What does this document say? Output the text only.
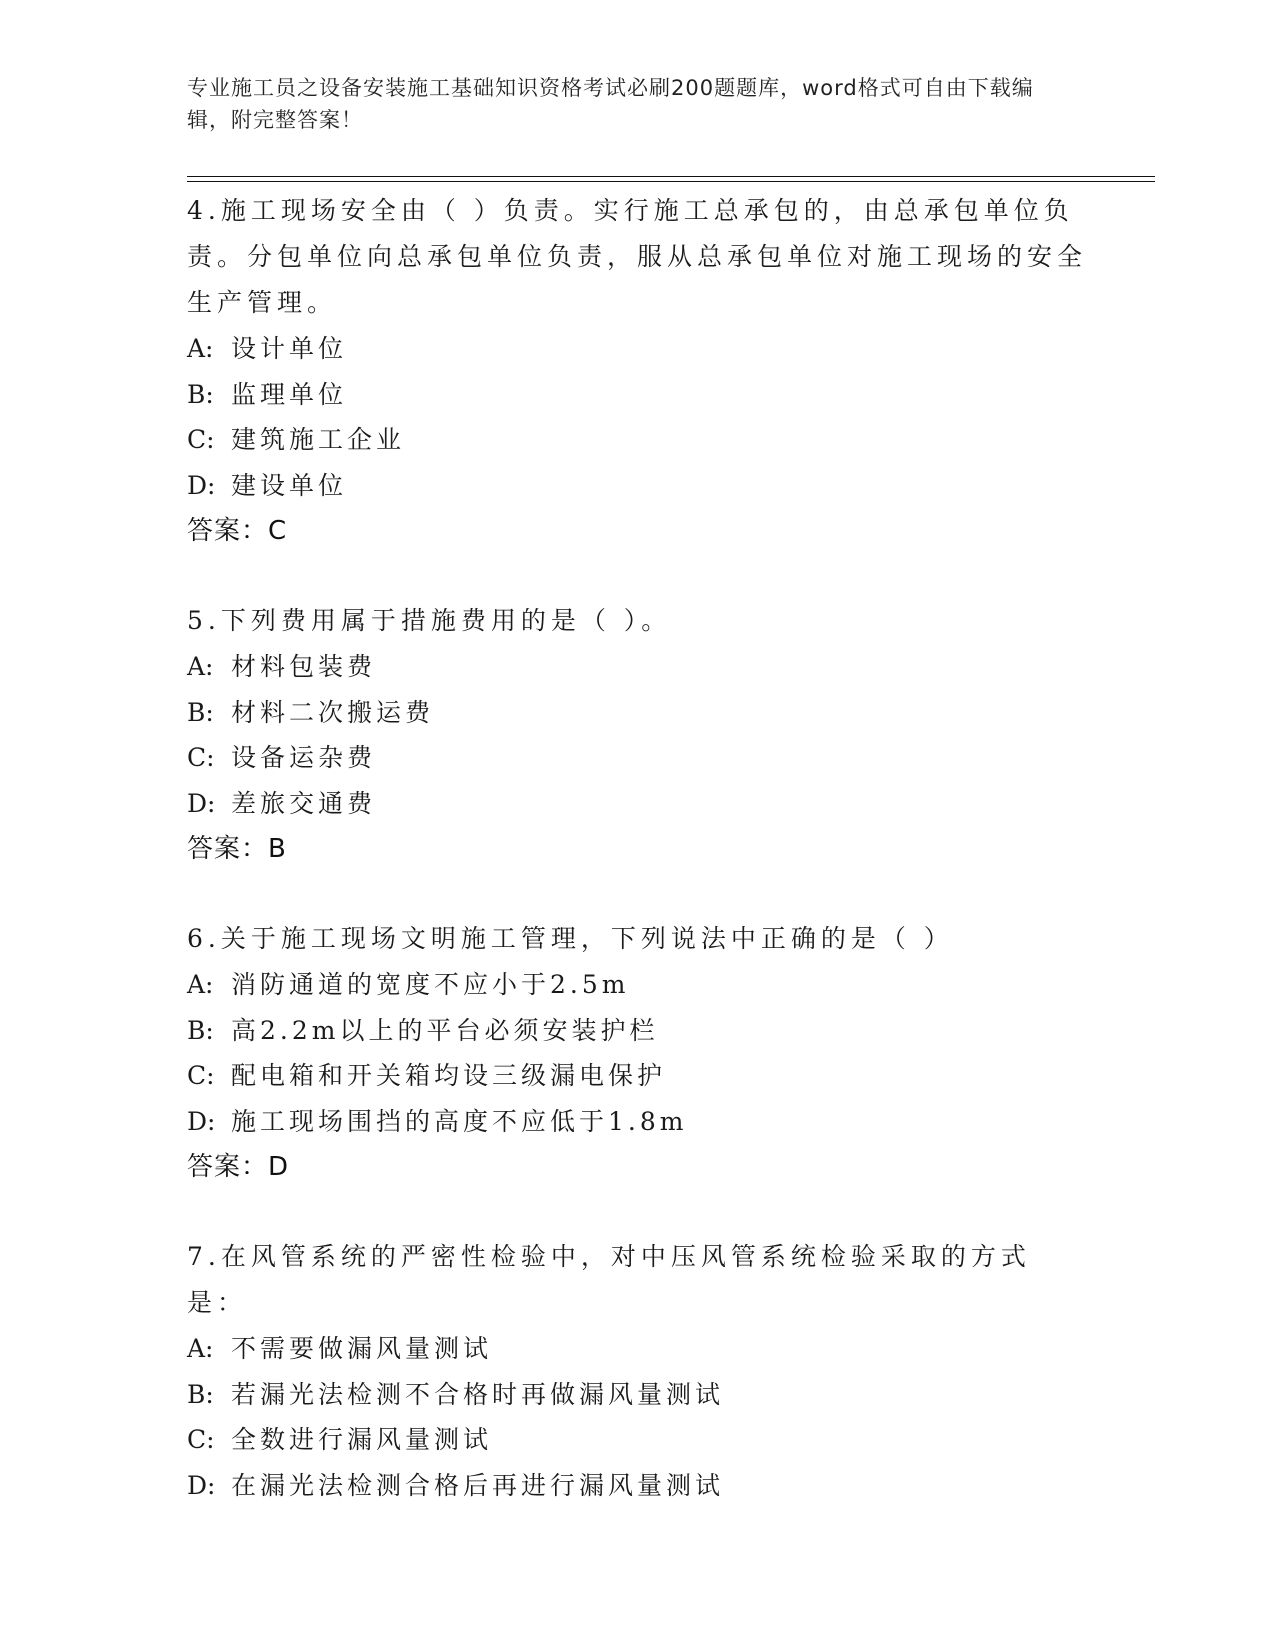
专业施工员之设备安装施工基础知识资格考试必刷200题题库，word格式可自由下载编辑，附完整答案！
4.施工现场安全由（ ）负责。实行施工总承包的，由总承包单位负责。分包单位向总承包单位负责，服从总承包单位对施工现场的安全生产管理。
A: 设计单位
B: 监理单位
C: 建筑施工企业
D: 建设单位
答案：C
5.下列费用属于措施费用的是（ ）。
A: 材料包装费
B: 材料二次搬运费
C: 设备运杂费
D: 差旅交通费
答案：B
6.关于施工现场文明施工管理，下列说法中正确的是（ ）
A: 消防通道的宽度不应小于2.5m
B: 高2.2m以上的平台必须安装护栏
C: 配电箱和开关箱均设三级漏电保护
D: 施工现场围挡的高度不应低于1.8m
答案：D
7.在风管系统的严密性检验中，对中压风管系统检验采取的方式是：
A: 不需要做漏风量测试
B: 若漏光法检测不合格时再做漏风量测试
C: 全数进行漏风量测试
D: 在漏光法检测合格后再进行漏风量测试
